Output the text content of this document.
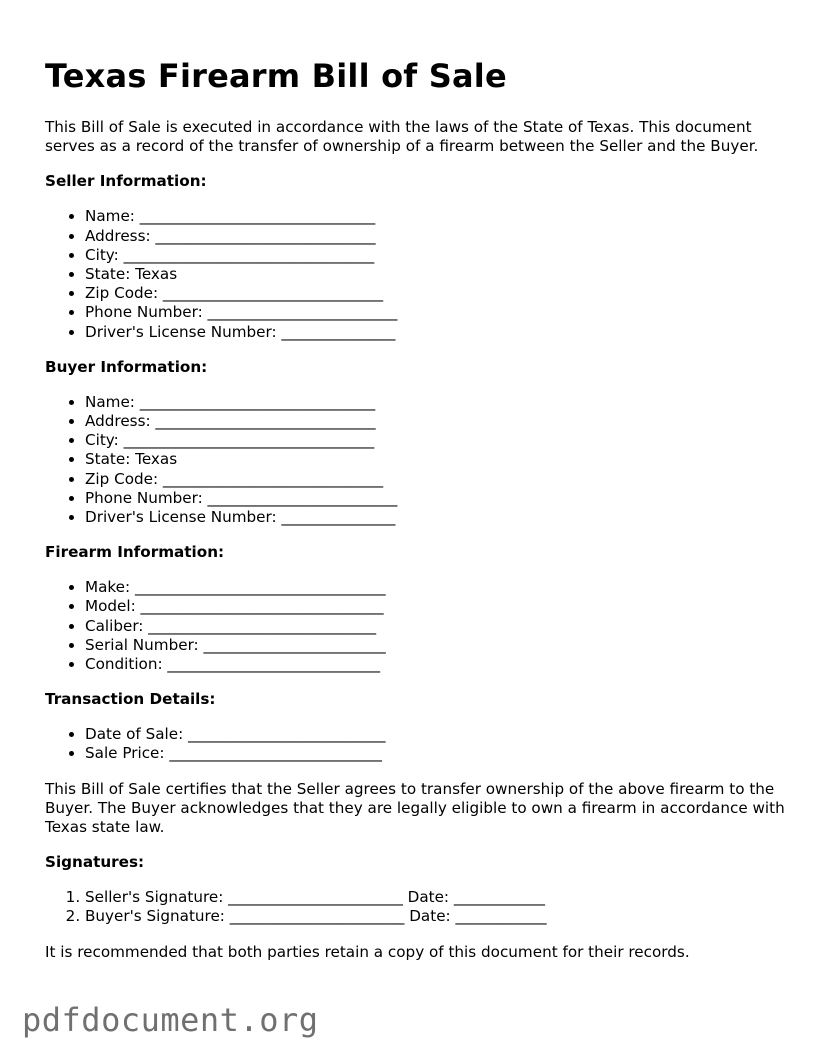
Texas Firearm Bill of Sale

This Bill of Sale is executed in accordance with the laws of the State of Texas. This document serves as a record of the transfer of ownership of a firearm between the Seller and the Buyer.

Seller Information:
• Name: _______________________________
• Address: _____________________________
• City: _________________________________
• State: Texas
• Zip Code: _____________________________
• Phone Number: _________________________
• Driver's License Number: _______________
Buyer Information:
• Name: _______________________________
• Address: _____________________________
• City: _________________________________
• State: Texas
• Zip Code: _____________________________
• Phone Number: _________________________
• Driver's License Number: _______________
Firearm Information:
• Make: _________________________________
• Model: ________________________________
• Caliber: ______________________________
• Serial Number: ________________________
• Condition: ____________________________
Transaction Details:
• Date of Sale: __________________________
• Sale Price: ____________________________

This Bill of Sale certifies that the Seller agrees to transfer ownership of the above firearm to the Buyer. The Buyer acknowledges that they are legally eligible to own a firearm in accordance with Texas state law.

Signatures:
1. Seller's Signature: _______________________ Date: ____________
2. Buyer's Signature: _______________________ Date: ____________

It is recommended that both parties retain a copy of this document for their records.

pdfdocument.org
